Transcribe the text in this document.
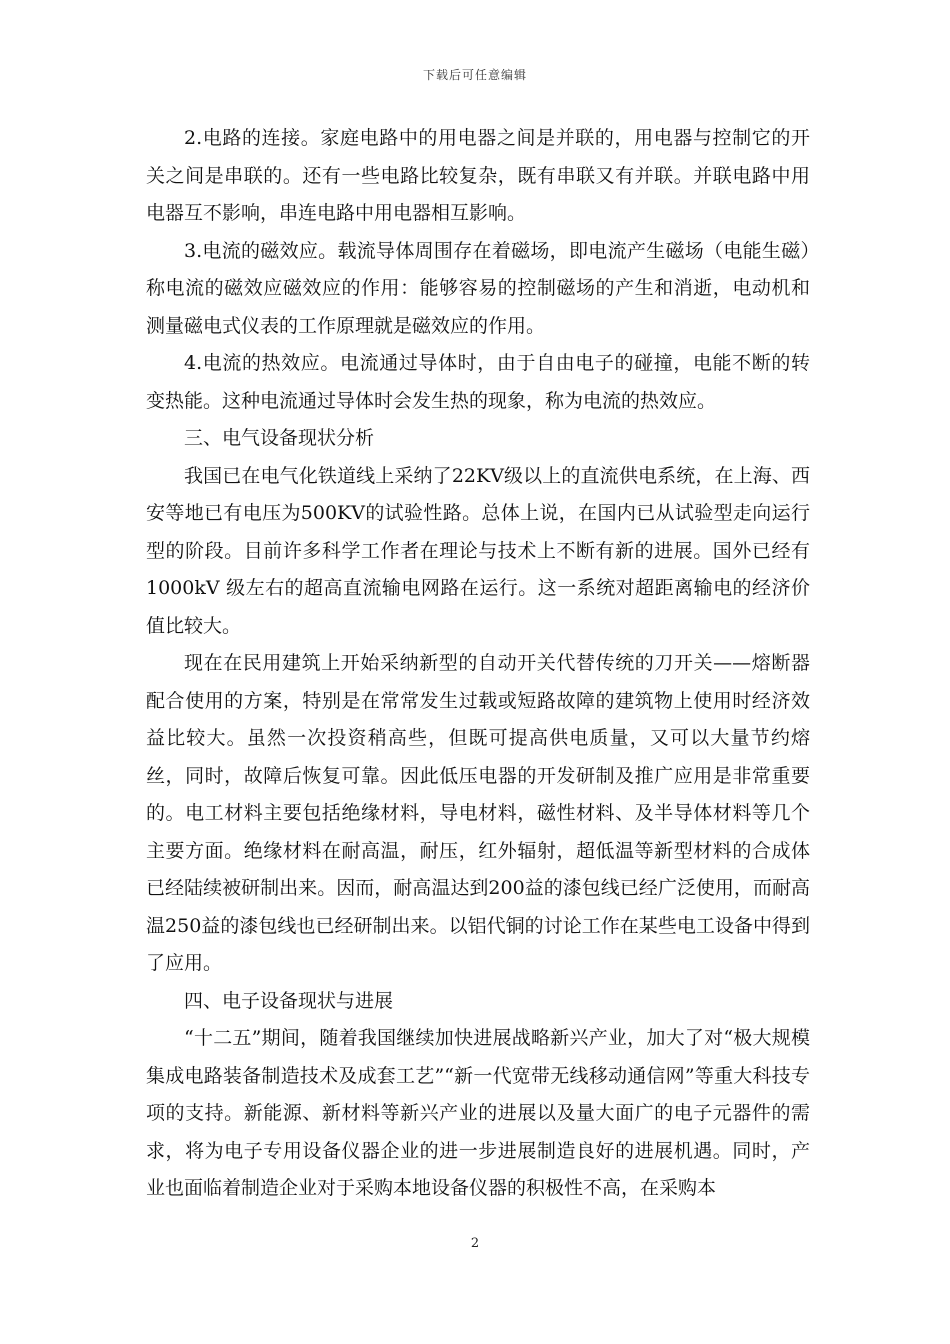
下载后可任意编辑

2.电路的连接。家庭电路中的用电器之间是并联的，用电器与控制它的开关之间是串联的。还有一些电路比较复杂，既有串联又有并联。并联电路中用电器互不影响，串连电路中用电器相互影响。

3.电流的磁效应。载流导体周围存在着磁场，即电流产生磁场（电能生磁）称电流的磁效应磁效应的作用：能够容易的控制磁场的产生和消逝，电动机和测量磁电式仪表的工作原理就是磁效应的作用。

4.电流的热效应。电流通过导体时，由于自由电子的碰撞，电能不断的转变热能。这种电流通过导体时会发生热的现象，称为电流的热效应。

三、电气设备现状分析

我国已在电气化铁道线上采纳了22KV级以上的直流供电系统，在上海、西安等地已有电压为500KV的试验性路。总体上说，在国内已从试验型走向运行型的阶段。目前许多科学工作者在理论与技术上不断有新的进展。国外已经有1000kV 级左右的超高直流输电网路在运行。这一系统对超距离输电的经济价值比较大。

现在在民用建筑上开始采纳新型的自动开关代替传统的刀开关——熔断器配合使用的方案，特别是在常常发生过载或短路故障的建筑物上使用时经济效益比较大。虽然一次投资稍高些，但既可提高供电质量，又可以大量节约熔丝，同时，故障后恢复可靠。因此低压电器的开发研制及推广应用是非常重要的。电工材料主要包括绝缘材料，导电材料，磁性材料、及半导体材料等几个主要方面。绝缘材料在耐高温，耐压，红外辐射，超低温等新型材料的合成体已经陆续被研制出来。因而，耐高温达到200益的漆包线已经广泛使用，而耐高温250益的漆包线也已经研制出来。以铝代铜的讨论工作在某些电工设备中得到了应用。

四、电子设备现状与进展

“十二五”期间，随着我国继续加快进展战略新兴产业，加大了对“极大规模集成电路装备制造技术及成套工艺”“新一代宽带无线移动通信网”等重大科技专项的支持。新能源、新材料等新兴产业的进展以及量大面广的电子元器件的需求，将为电子专用设备仪器企业的进一步进展制造良好的进展机遇。同时，产业也面临着制造企业对于采购本地设备仪器的积极性不高，在采购本

2
